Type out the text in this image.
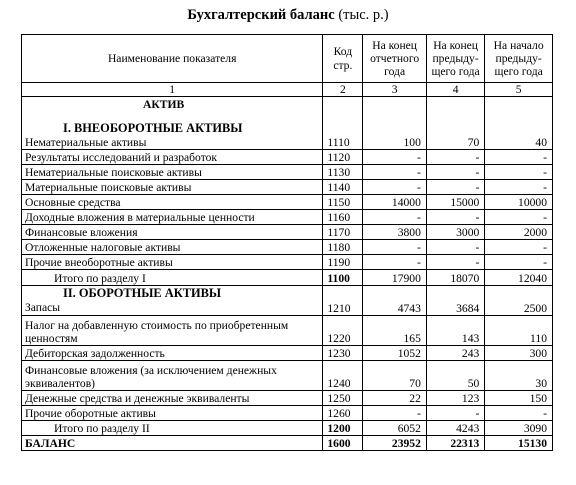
Бухгалтерский баланс (тыс. р.)
Наименование показателя	Код стр.	На конец отчетного года	На конец предыду- щего года	На начало предыду- щего года
1	2	3	4	5

АКТИВ
I. ВНЕОБОРОТНЫЕ АКТИВЫ
Нематериальные активы	1110	100	70	40
Результаты исследований и разработок	1120	-	-	-
Нематериальные поисковые активы	1130	-	-	-
Материальные поисковые активы	1140	-	-	-
Основные средства	1150	14000	15000	10000
Доходные вложения в материальные ценности	1160	-	-	-
Финансовые вложения	1170	3800	3000	2000
Отложенные налоговые активы	1180	-	-	-
Прочие внеоборотные активы	1190	-	-	-
Итого по разделу I	1100	17900	18070	12040

II. ОБОРОТНЫЕ АКТИВЫ
Запасы	1210	4743	3684	2500
Налог на добавленную стоимость по приобретенным ценностям	1220	165	143	110
Дебиторская задолженность	1230	1052	243	300
Финансовые вложения (за исключением денежных эквивалентов)	1240	70	50	30
Денежные средства и денежные эквиваленты	1250	22	123	150
Прочие оборотные активы	1260	-	-	-
Итого по разделу II	1200	6052	4243	3090
БАЛАНС	1600	23952	22313	15130
